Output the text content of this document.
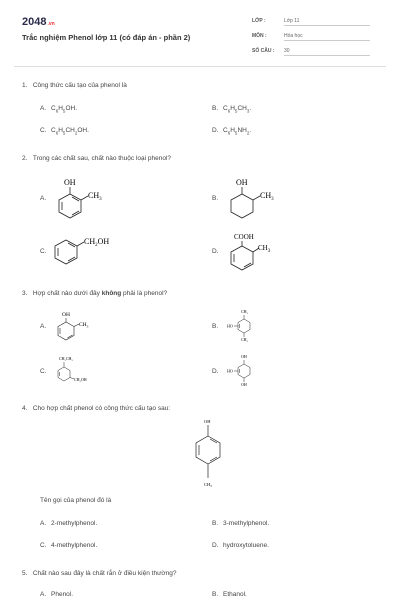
2048.vn
Trắc nghiệm Phenol lớp 11 (có đáp án - phần 2)
LỚP :	Lớp 11
MÔN :	Hóa học
SỐ CÂU : 30
1. Công thức cấu tạo của phenol là
A. $C_6H_5OH$.	B. $C_6H_5CH_3$.
C. $C_6H_5CH_2OH$.	D. $C_6H_5NH_2$.
2. Trong các chất sau, chất nào thuộc loại phenol?
A.
OH
$CH_3$	B.
OH
$CH_3$
C.
$CH_2OH$
D.
COOH
$CH_3$
3. Hợp chất nào dưới đây không phải là phenol?
A.
OH
$CH_3$	B.
$CH_3$
HO
$CH_3$
C.
$CH_2CH_3$
$CH_2OH$
D.
OH
HO
OH
4. Cho hợp chất phenol có công thức cấu tạo sau:
OH
$CH_3$
Tên gọi của phenol đó là
A. 2-methylphenol.	B. 3-methylphenol.
C. 4-methylphenol.	D. hydroxytoluene.
5. Chất nào sau đây là chất rắn ở điều kiện thường?
A. Phenol.	B. Ethanol.
